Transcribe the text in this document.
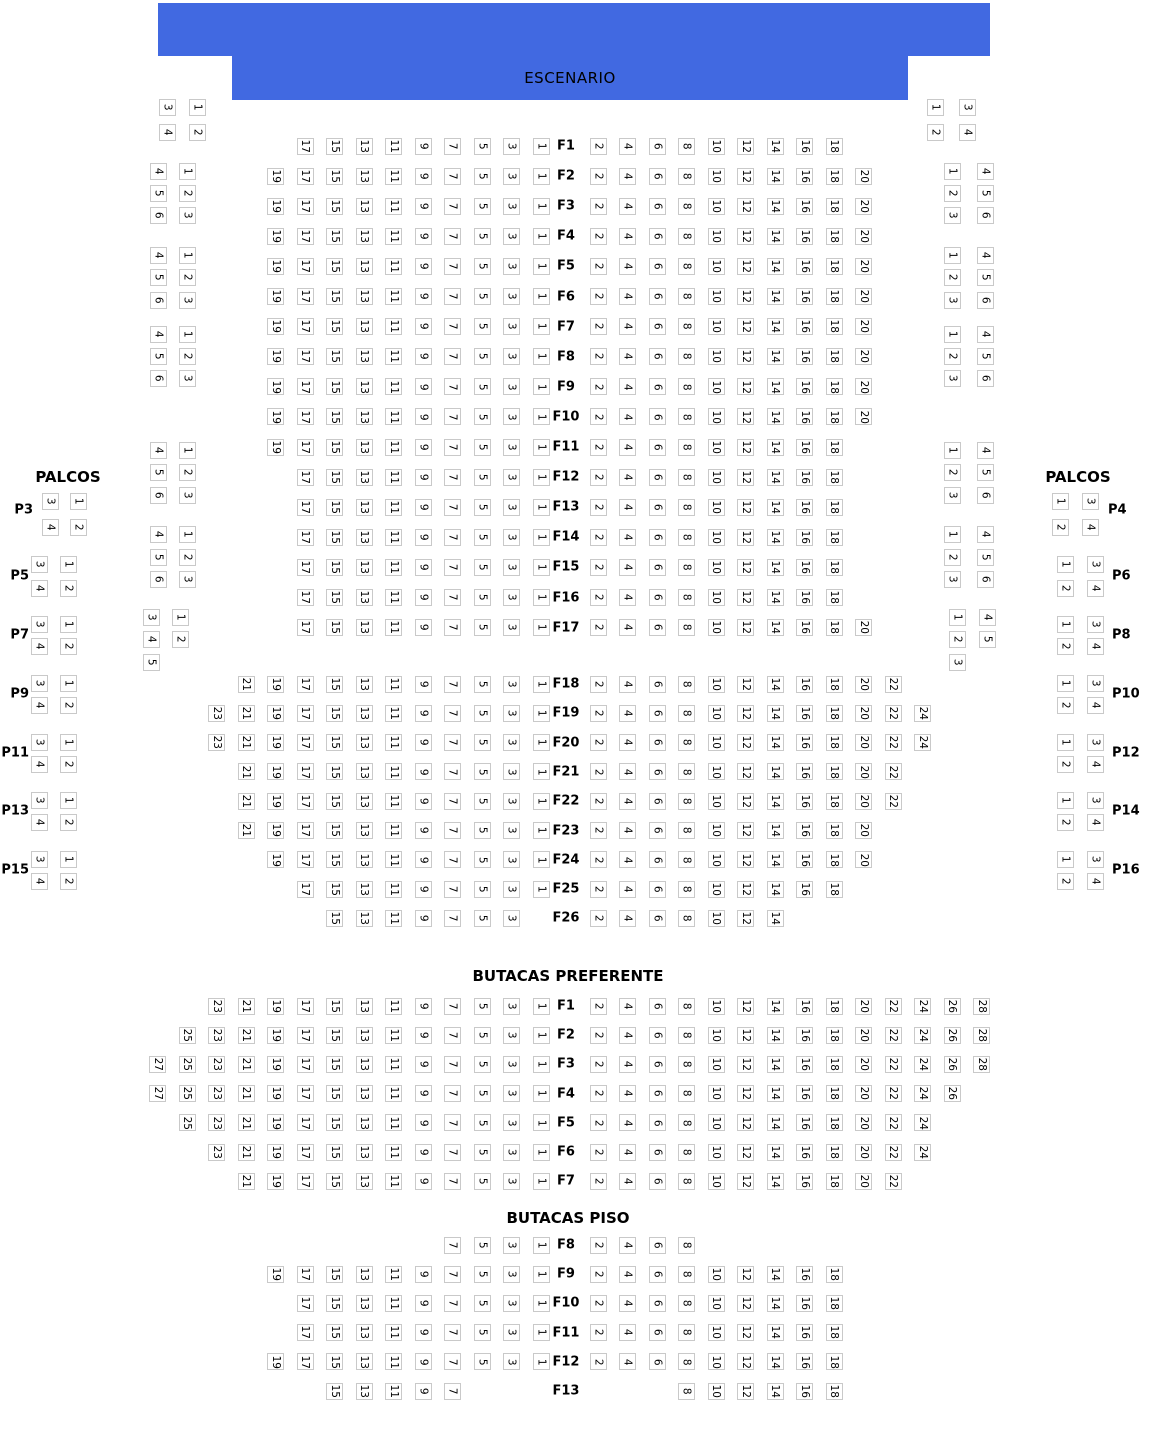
ESCENARIO
PALCOS	PALCOS
BUTACAS PREFERENTE
BUTACAS PISO
17 15 13 11 9 7 5 3 1	2 4 6 8 10 12 14 16 18
F1
19 17 15 13 11 9 7 5 3 1	2 4 6 8 10 12 14 16 18 20
F2
19 17 15 13 11 9 7 5 3 1	2 4 6 8 10 12 14 16 18 20
F3
19 17 15 13 11 9 7 5 3 1	2 4 6 8 10 12 14 16 18 20
F4
19 17 15 13 11 9 7 5 3 1	2 4 6 8 10 12 14 16 18 20
F5
19 17 15 13 11 9 7 5 3 1	2 4 6 8 10 12 14 16 18 20
F6
19 17 15 13 11 9 7 5 3 1	2 4 6 8 10 12 14 16 18 20
F7
19 17 15 13 11 9 7 5 3 1	2 4 6 8 10 12 14 16 18 20
F8
19 17 15 13 11 9 7 5 3 1	2 4 6 8 10 12 14 16 18 20
F9
19 17 15 13 11 9 7 5 3 1	2 4 6 8 10 12 14 16 18 20
F10
19 17 15 13 11 9 7 5 3 1	2 4 6 8 10 12 14 16 18
F11
17 15 13 11 9 7 5 3 1	2 4 6 8 10 12 14 16 18
F12
17 15 13 11 9 7 5 3 1	2 4 6 8 10 12 14 16 18
F13
17 15 13 11 9 7 5 3 1	2 4 6 8 10 12 14 16 18
F14
17 15 13 11 9 7 5 3 1	2 4 6 8 10 12 14 16 18
F15
17 15 13 11 9 7 5 3 1	2 4 6 8 10 12 14 16 18
F16
17 15 13 11 9 7 5 3 1	2 4 6 8 10 12 14 16 18 20
F17
21 19 17 15 13 11 9 7 5 3 1	2 4 6 8 10 12 14 16 18 20 22
F18
23 21 19 17 15 13 11 9 7 5 3 1	2 4 6 8 10 12 14 16 18 20 22 24
F19
23 21 19 17 15 13 11 9 7 5 3 1	2 4 6 8 10 12 14 16 18 20 22 24
F20
21 19 17 15 13 11 9 7 5 3 1	2 4 6 8 10 12 14 16 18 20 22
F21
21 19 17 15 13 11 9 7 5 3 1	2 4 6 8 10 12 14 16 18 20 22
F22
21 19 17 15 13 11 9 7 5 3 1	2 4 6 8 10 12 14 16 18 20
F23
19 17 15 13 11 9 7 5 3 1	2 4 6 8 10 12 14 16 18 20
F24
17 15 13 11 9 7 5 3 1	2 4 6 8 10 12 14 16 18
F25
15 13 11 9 7 5 3	2 4 6 8 10 12 14
F26
23 21 19 17 15 13 11 9 7 5 3 1	2 4 6 8 10 12 14 16 18 20 22 24 26 28
F1
25 23 21 19 17 15 13 11 9 7 5 3 1	2 4 6 8 10 12 14 16 18 20 22 24 26 28
F2
27 25 23 21 19 17 15 13 11 9 7 5 3 1	2 4 6 8 10 12 14 16 18 20 22 24 26 28
F3
27 25 23 21 19 17 15 13 11 9 7 5 3 1	2 4 6 8 10 12 14 16 18 20 22 24 26
F4
25 23 21 19 17 15 13 11 9 7 5 3 1	2 4 6 8 10 12 14 16 18 20 22 24
F5
23 21 19 17 15 13 11 9 7 5 3 1	2 4 6 8 10 12 14 16 18 20 22 24
F6
21 19 17 15 13 11 9 7 5 3 1	2 4 6 8 10 12 14 16 18 20 22
F7
7 5 3 1	2 4 6 8
F8
19 17 15 13 11 9 7 5 3 1	2 4 6 8 10 12 14 16 18
F9
17 15 13 11 9 7 5 3 1	2 4 6 8 10 12 14 16 18
F10
17 15 13 11 9 7 5 3 1	2 4 6 8 10 12 14 16 18
F11
19 17 15 13 11 9 7 5 3 1	2 4 6 8 10 12 14 16 18
F12
15 13 11 9 7	8 10 12 14 16 18
F13
3 1
4 2
4 1
5 2
6 3
4 1
5 2
6 3
4 1
5 2
6 3
4 1
5 2
6 3
4 1
5 2
6 3
3 1
4 2
5
1 3
2 4
1 4
2 5
3 6
1 4
2 5
3 6
1 4
2 5
3 6
1 4
2 5
3 6
1 4
2 5
3 6
1 4
2 5
3
3 1
4 2
P3
3 1
4 2
P5
3 1
4 2
P7
3 1
4 2
P9
3 1
4 2
P11
3 1
4 2
P13
3 1
4 2
P15
1 3
2 4
P4
1 3
2 4
P6
1 3
2 4
P8
1 3
2 4
P10
1 3
2 4
P12
1 3
2 4
P14
1 3
2 4
P16
